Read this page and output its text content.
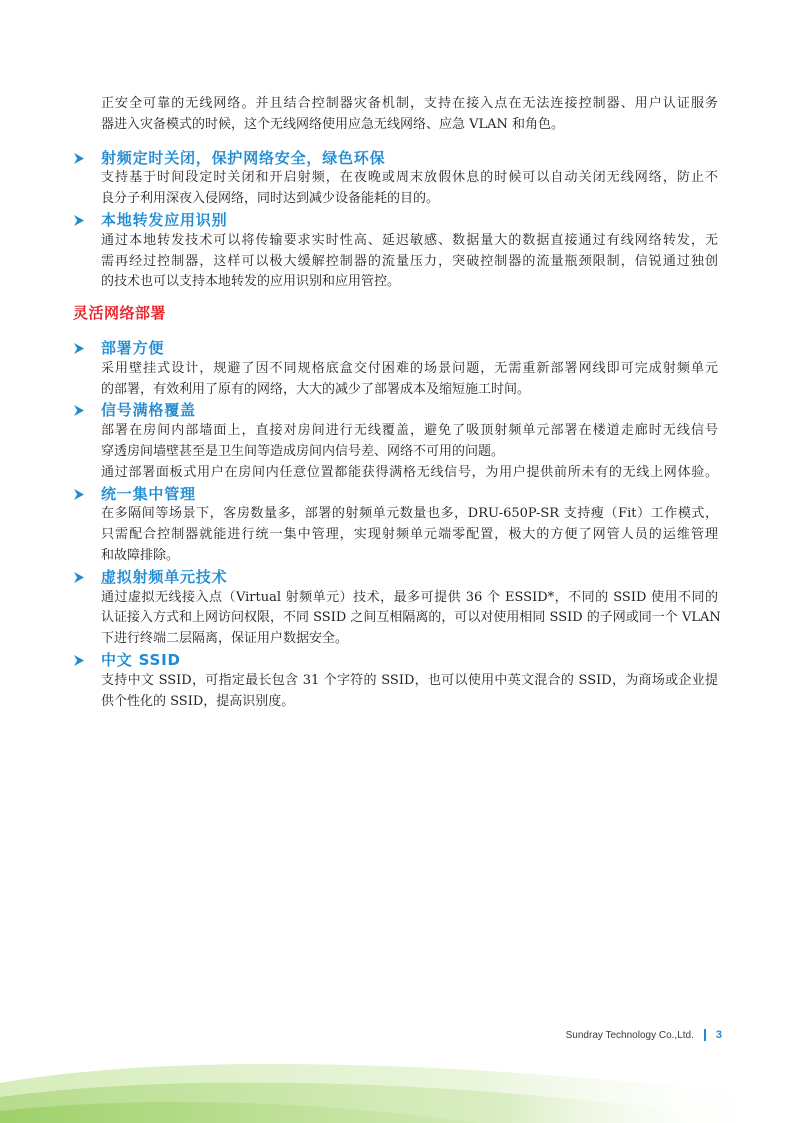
正安全可靠的无线网络。并且结合控制器灾备机制，支持在接入点在无法连接控制器、用户认证服务
器进入灾备模式的时候，这个无线网络使用应急无线网络、应急 VLAN 和角色。
射频定时关闭，保护网络安全，绿色环保
支持基于时间段定时关闭和开启射频，在夜晚或周末放假休息的时候可以自动关闭无线网络，防止不
良分子利用深夜入侵网络，同时达到减少设备能耗的目的。
本地转发应用识别
通过本地转发技术可以将传输要求实时性高、延迟敏感、数据量大的数据直接通过有线网络转发，无
需再经过控制器，这样可以极大缓解控制器的流量压力，突破控制器的流量瓶颈限制，信锐通过独创
的技术也可以支持本地转发的应用识别和应用管控。
灵活网络部署
部署方便
采用壁挂式设计，规避了因不同规格底盒交付困难的场景问题，无需重新部署网线即可完成射频单元
的部署，有效利用了原有的网络，大大的减少了部署成本及缩短施工时间。
信号满格覆盖
部署在房间内部墙面上，直接对房间进行无线覆盖，避免了吸顶射频单元部署在楼道走廊时无线信号
穿透房间墙壁甚至是卫生间等造成房间内信号差、网络不可用的问题。
通过部署面板式用户在房间内任意位置都能获得满格无线信号，为用户提供前所未有的无线上网体验。
统一集中管理
在多隔间等场景下，客房数量多，部署的射频单元数量也多，DRU-650P-SR 支持瘦（Fit）工作模式，
只需配合控制器就能进行统一集中管理，实现射频单元端零配置，极大的方便了网管人员的运维管理
和故障排除。
虚拟射频单元技术
通过虚拟无线接入点（Virtual 射频单元）技术，最多可提供 36 个 ESSID*，不同的 SSID 使用不同的
认证接入方式和上网访问权限，不同 SSID 之间互相隔离的，可以对使用相同 SSID 的子网或同一个 VLAN
下进行终端二层隔离，保证用户数据安全。
中文 SSID
支持中文 SSID，可指定最长包含 31 个字符的 SSID，也可以使用中英文混合的 SSID，为商场或企业提
供个性化的 SSID，提高识别度。
Sundray Technology Co.,Ltd. 3
